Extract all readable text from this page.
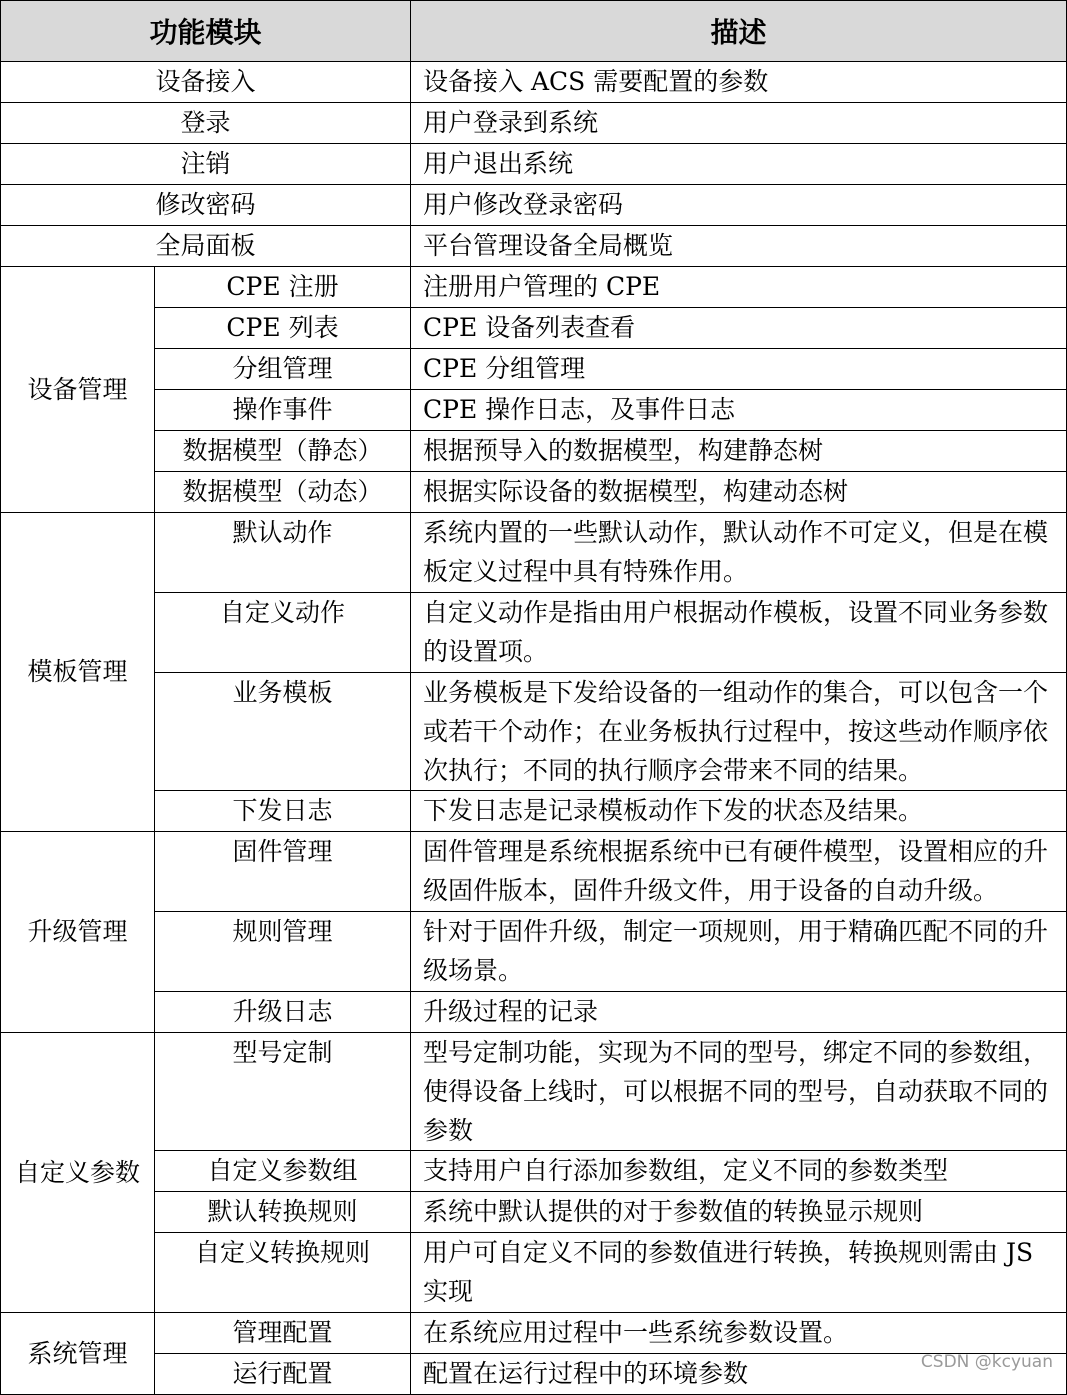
功能模块		描述
设备接入		设备接入 ACS 需要配置的参数
登录		用户登录到系统
注销		用户退出系统
修改密码		用户修改登录密码
全局面板		平台管理设备全局概览
设备管理	CPE 注册	注册用户管理的 CPE
	CPE 列表	CPE 设备列表查看
	分组管理	CPE 分组管理
	操作事件	CPE 操作日志，及事件日志
	数据模型（静态）	根据预导入的数据模型，构建静态树
	数据模型（动态）	根据实际设备的数据模型，构建动态树
模板管理	默认动作	系统内置的一些默认动作，默认动作不可定义，但是在模板定义过程中具有特殊作用。
	自定义动作	自定义动作是指由用户根据动作模板，设置不同业务参数的设置项。
	业务模板	业务模板是下发给设备的一组动作的集合，可以包含一个或若干个动作；在业务板执行过程中，按这些动作顺序依次执行；不同的执行顺序会带来不同的结果。
	下发日志	下发日志是记录模板动作下发的状态及结果。
升级管理	固件管理	固件管理是系统根据系统中已有硬件模型，设置相应的升级固件版本，固件升级文件，用于设备的自动升级。
	规则管理	针对于固件升级，制定一项规则，用于精确匹配不同的升级场景。
	升级日志	升级过程的记录
自定义参数	型号定制	型号定制功能，实现为不同的型号，绑定不同的参数组，使得设备上线时，可以根据不同的型号，自动获取不同的参数
	自定义参数组	支持用户自行添加参数组，定义不同的参数类型
	默认转换规则	系统中默认提供的对于参数值的转换显示规则
	自定义转换规则	用户可自定义不同的参数值进行转换，转换规则需由 JS 实现
系统管理	管理配置	在系统应用过程中一些系统参数设置。
	运行配置	配置在运行过程中的环境参数	CSDN @kcyuan
